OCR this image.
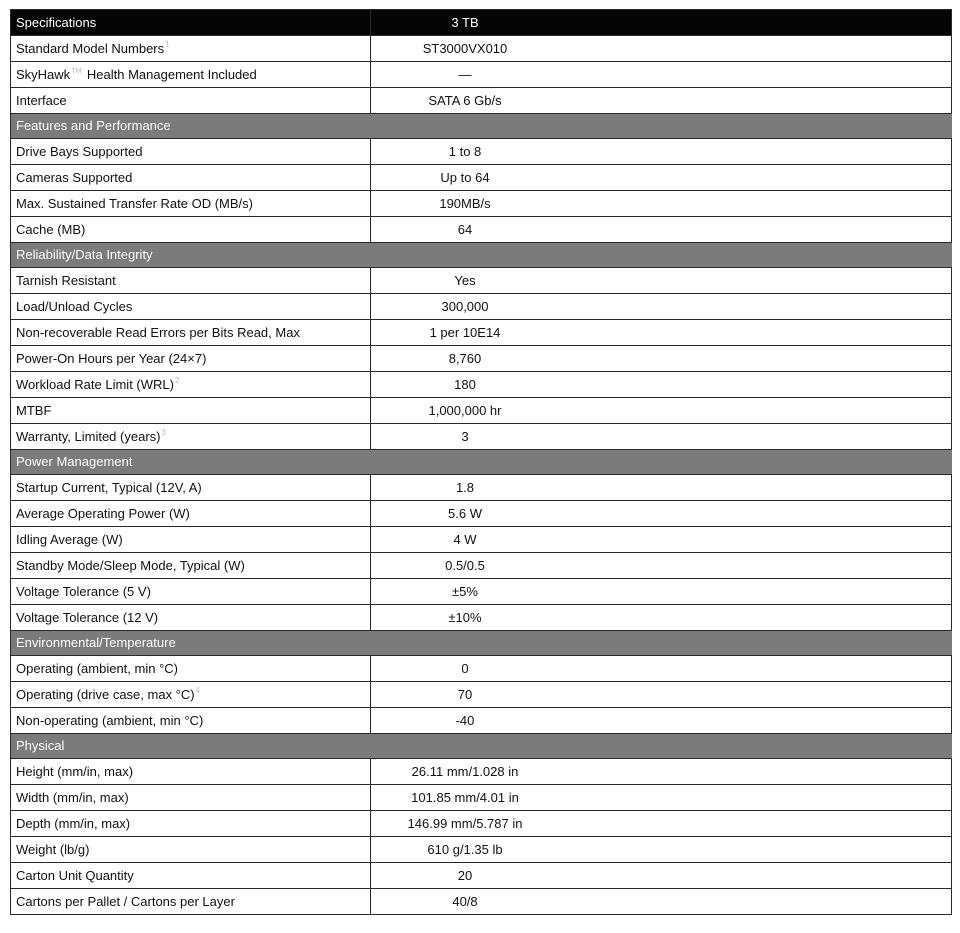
Specifications	3 TB
Standard Model Numbers$^1$	ST3000VX010
SkyHawk™ Health Management Included	—
Interface	SATA 6 Gb/s
Features and Performance	
Drive Bays Supported	1 to 8
Cameras Supported	Up to 64
Max. Sustained Transfer Rate OD (MB/s)	190MB/s
Cache (MB)	64
Reliability/Data Integrity	
Tarnish Resistant	Yes
Load/Unload Cycles	300,000
Non-recoverable Read Errors per Bits Read, Max	1 per 10E14
Power-On Hours per Year (24×7)	8,760
Workload Rate Limit (WRL)$^2$	180
MTBF	1,000,000 hr
Warranty, Limited (years)$^3$	3
Power Management	
Startup Current, Typical (12V, A)	1.8
Average Operating Power (W)	5.6 W
Idling Average (W)	4 W
Standby Mode/Sleep Mode, Typical (W)	0.5/0.5
Voltage Tolerance (5 V)	±5%
Voltage Tolerance (12 V)	±10%
Environmental/Temperature	
Operating (ambient, min °C)	0
Operating (drive case, max °C)$^4$	70
Non-operating (ambient, min °C)	-40
Physical	
Height (mm/in, max)	26.11 mm/1.028 in
Width (mm/in, max)	101.85 mm/4.01 in
Depth (mm/in, max)	146.99 mm/5.787 in
Weight (lb/g)	610 g/1.35 lb
Carton Unit Quantity	20
Cartons per Pallet / Cartons per Layer	40/8
